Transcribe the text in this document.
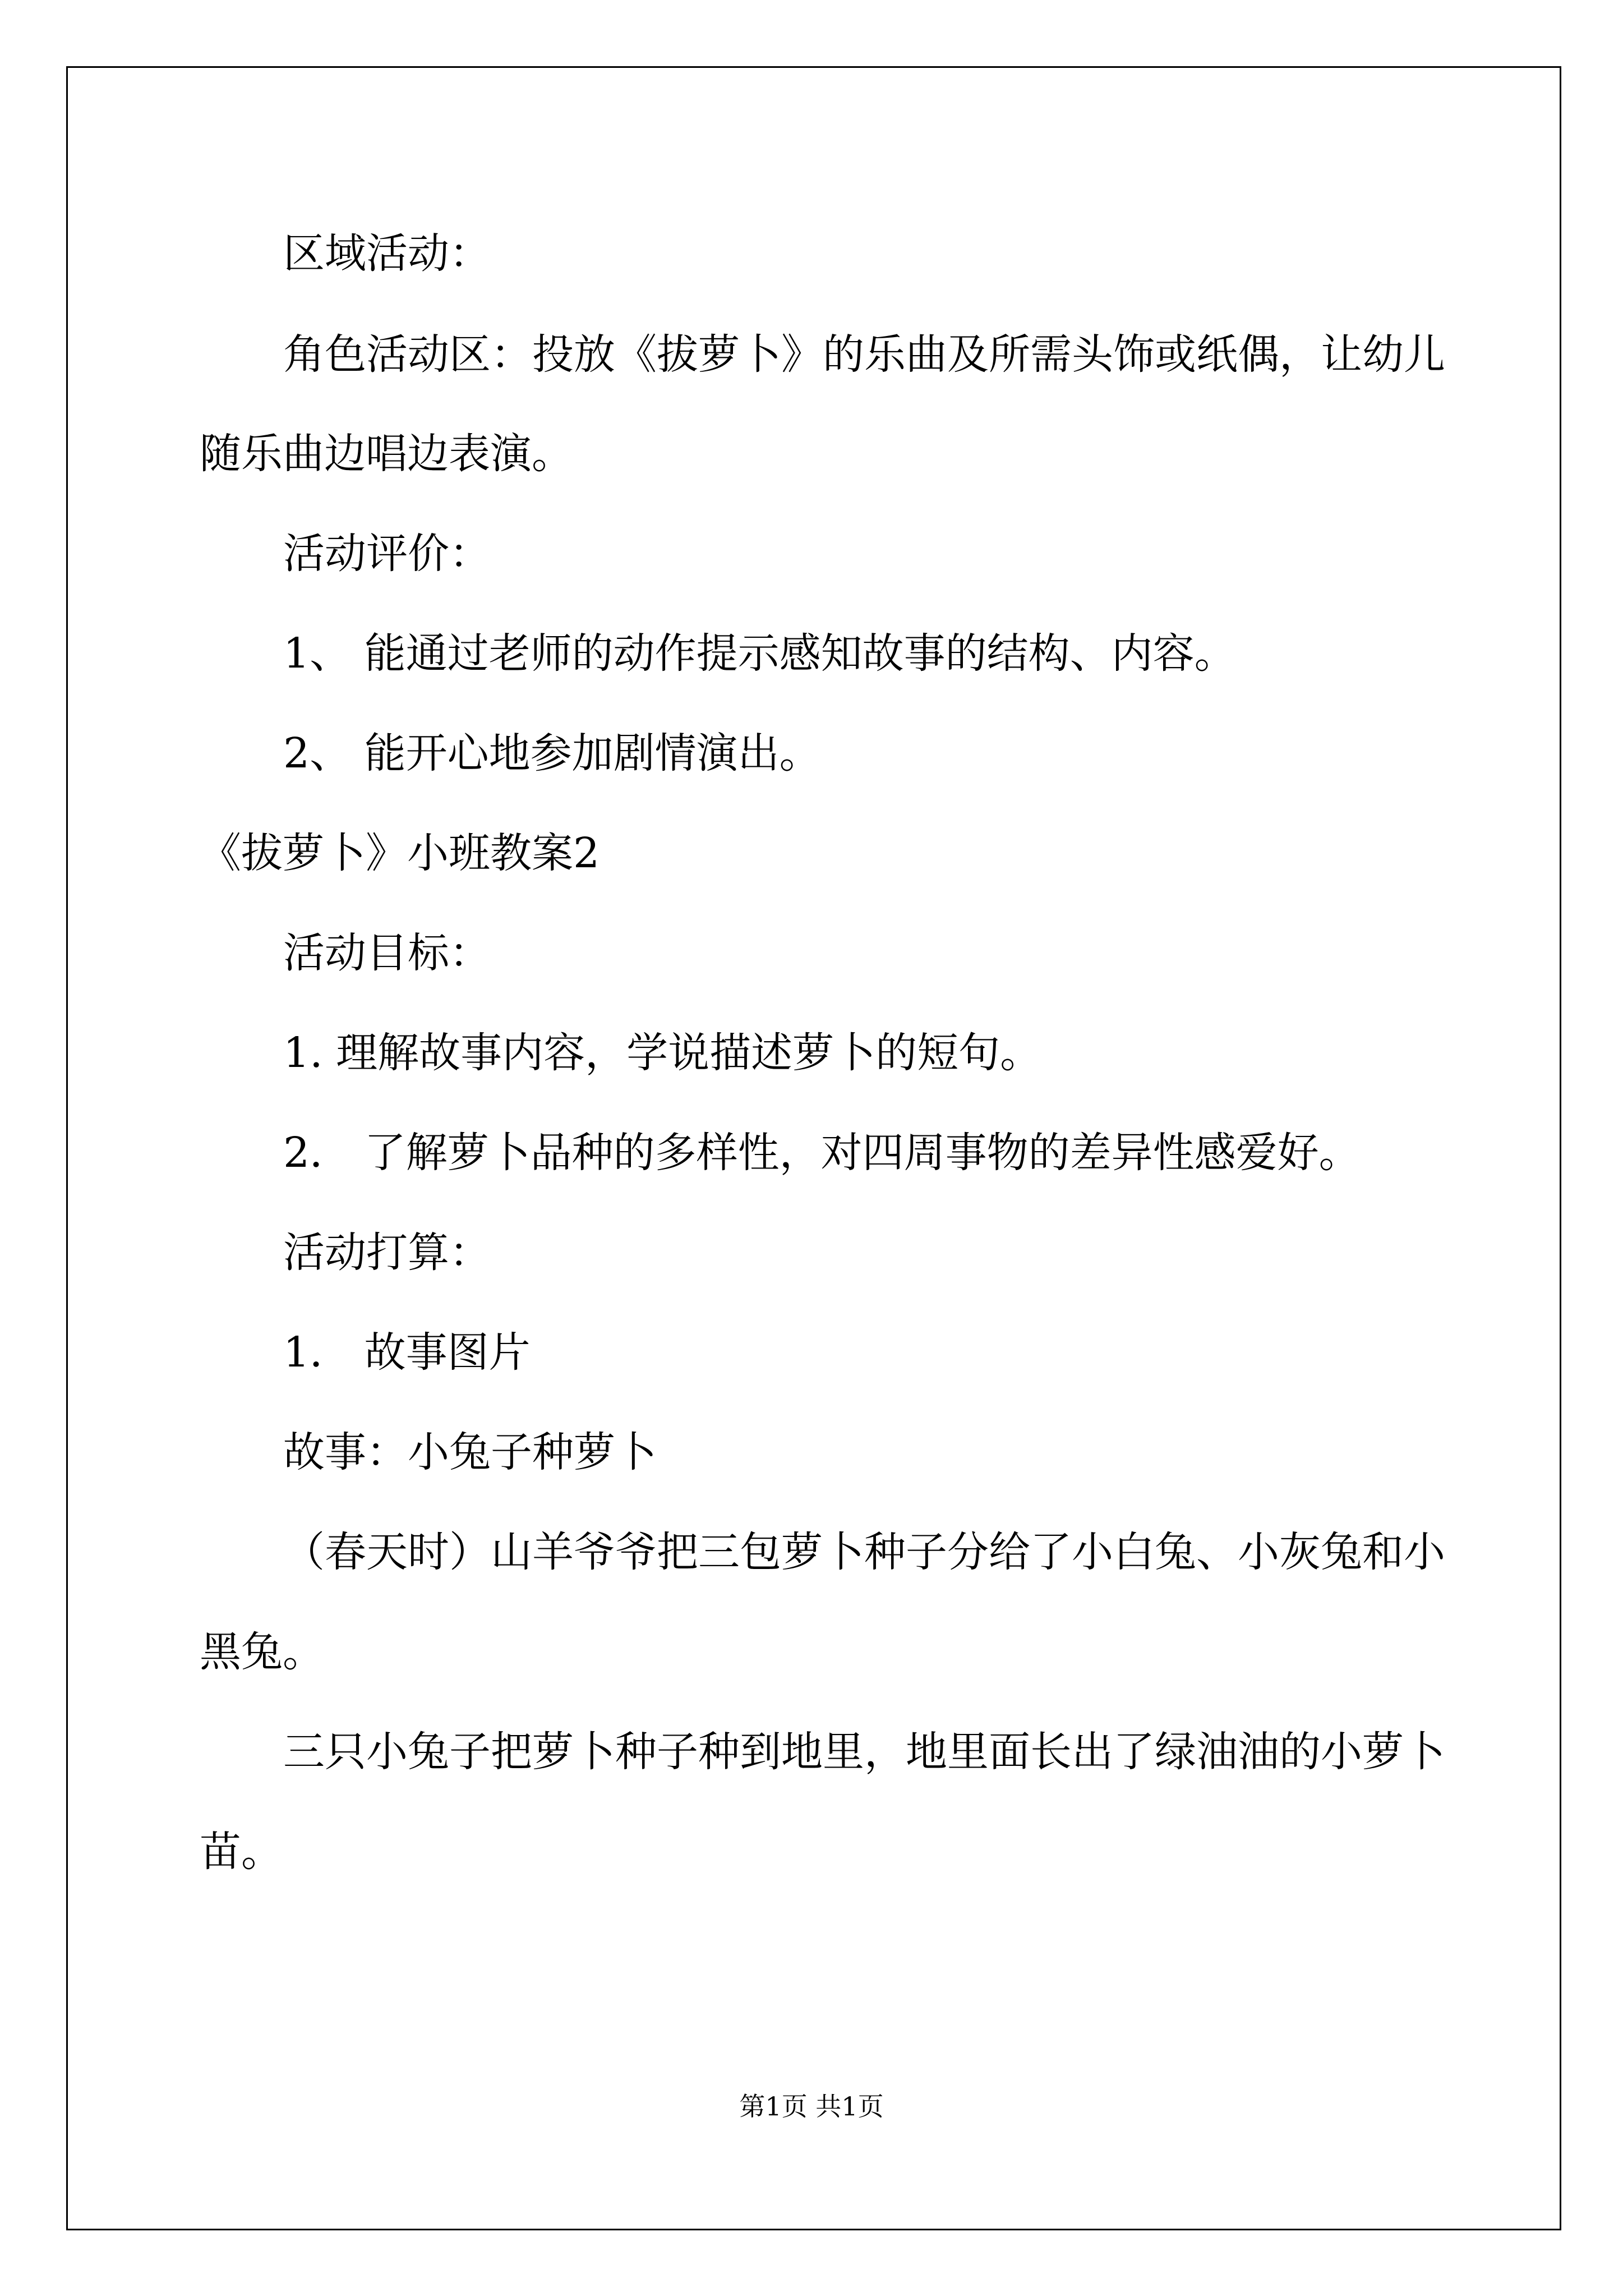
区域活动：

角色活动区：投放《拔萝卜》的乐曲及所需头饰或纸偶，让幼儿

随乐曲边唱边表演。

活动评价：

1、 能通过老师的动作提示感知故事的结构、内容。

2、 能开心地参加剧情演出。

《拔萝卜》小班教案2

活动目标：

1. 理解故事内容，学说描述萝卜的短句。

2． 了解萝卜品种的多样性，对四周事物的差异性感爱好。

活动打算：

1． 故事图片

故事：小兔子种萝卜

（春天时）山羊爷爷把三包萝卜种子分给了小白兔、小灰兔和小

黑兔。

三只小兔子把萝卜种子种到地里，地里面长出了绿油油的小萝卜

苗。

第1页 共1页
